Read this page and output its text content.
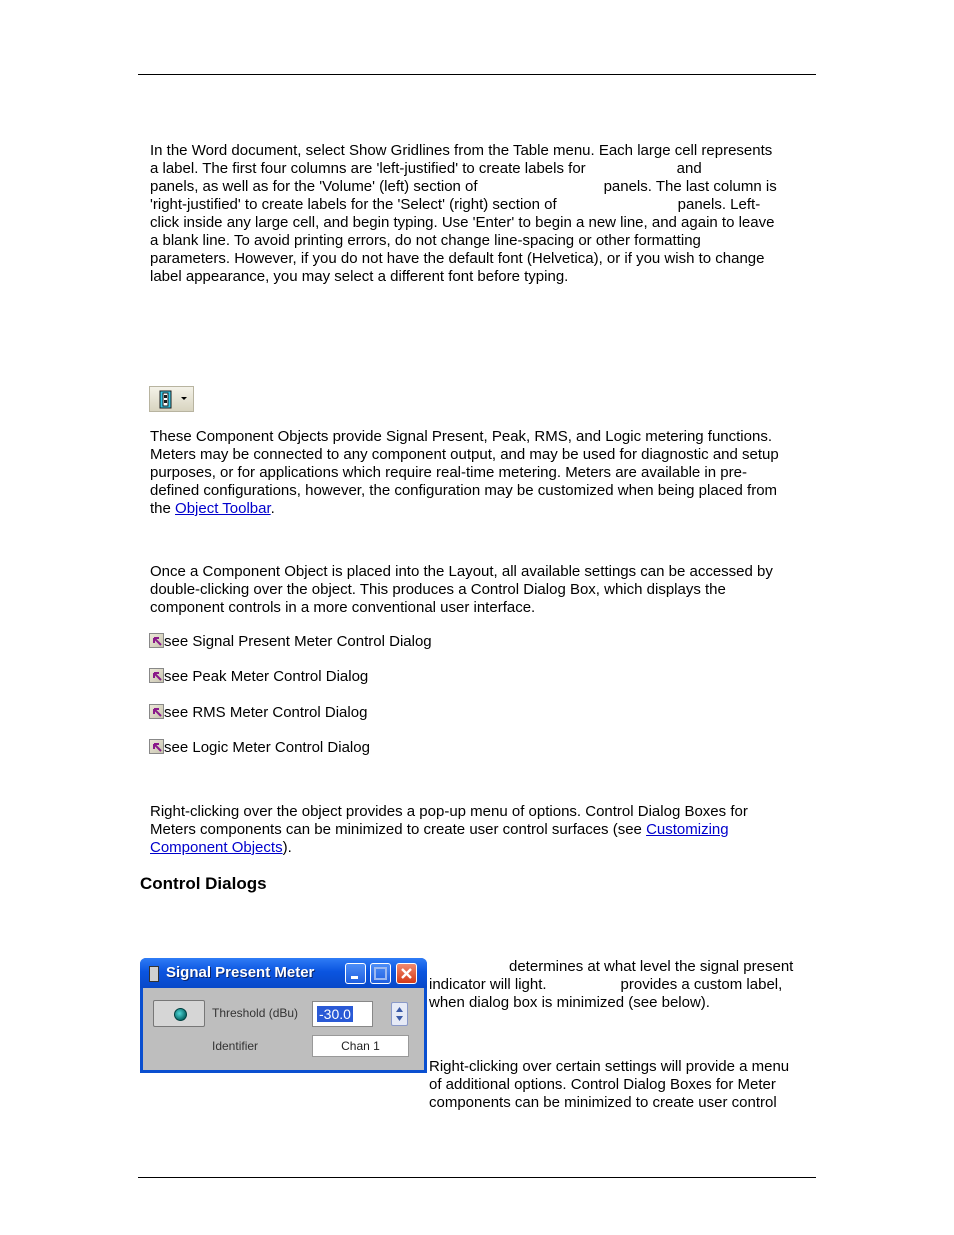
In the Word document, select Show Gridlines from the Table menu. Each large cell represents
a label. The first four columns are 'left-justified' to create labels for	and
panels, as well as for the 'Volume' (left) section of	panels. The last column is
'right-justified' to create labels for the 'Select' (right) section of	panels. Left-
click inside any large cell, and begin typing. Use 'Enter' to begin a new line, and again to leave
a blank line. To avoid printing errors, do not change line-spacing or other formatting
parameters. However, if you do not have the default font (Helvetica), or if you wish to change
label appearance, you may select a different font before typing.
These Component Objects provide Signal Present, Peak, RMS, and Logic metering functions.
Meters may be connected to any component output, and may be used for diagnostic and setup
purposes, or for applications which require real-time metering. Meters are available in pre-
defined configurations, however, the configuration may be customized when being placed from
the Object Toolbar.
Once a Component Object is placed into the Layout, all available settings can be accessed by
double-clicking over the object. This produces a Control Dialog Box, which displays the
component controls in a more conventional user interface.
see Signal Present Meter Control Dialog
see Peak Meter Control Dialog
see RMS Meter Control Dialog
see Logic Meter Control Dialog
Right-clicking over the object provides a pop-up menu of options. Control Dialog Boxes for
Meters components can be minimized to create user control surfaces (see Customizing
Component Objects).
Control Dialogs
Signal Present Meter
Threshold (dBu) -30.0
Identifier	Chan 1
determines at what level the signal present
indicator will light.	provides a custom label,
when dialog box is minimized (see below).
Right-clicking over certain settings will provide a menu
of additional options. Control Dialog Boxes for Meter
components can be minimized to create user control
